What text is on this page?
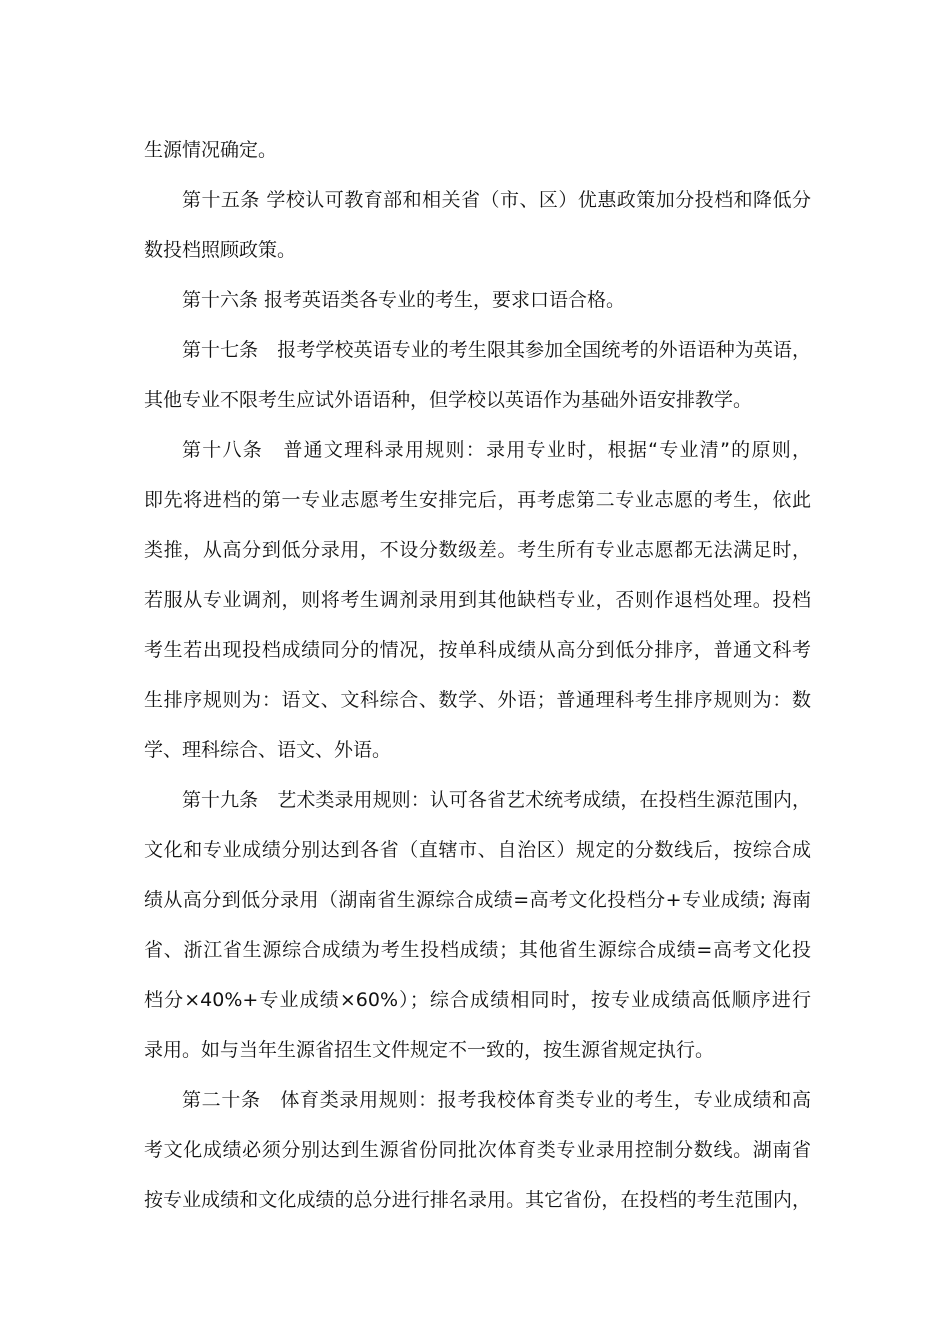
生源情况确定。
第十五条 学校认可教育部和相关省（市、区）优惠政策加分投档和降低分
数投档照顾政策。
第十六条 报考英语类各专业的考生，要求口语合格。
第十七条　报考学校英语专业的考生限其参加全国统考的外语语种为英语，
其他专业不限考生应试外语语种，但学校以英语作为基础外语安排教学。
第十八条　普通文理科录用规则：录用专业时，根据“专业清”的原则，
即先将进档的第一专业志愿考生安排完后，再考虑第二专业志愿的考生，依此
类推，从高分到低分录用，不设分数级差。考生所有专业志愿都无法满足时，
若服从专业调剂，则将考生调剂录用到其他缺档专业，否则作退档处理。投档
考生若出现投档成绩同分的情况，按单科成绩从高分到低分排序，普通文科考
生排序规则为：语文、文科综合、数学、外语；普通理科考生排序规则为：数
学、理科综合、语文、外语。
第十九条　艺术类录用规则：认可各省艺术统考成绩，在投档生源范围内，
文化和专业成绩分别达到各省（直辖市、自治区）规定的分数线后，按综合成
绩从高分到低分录用（湖南省生源综合成绩=高考文化投档分+专业成绩; 海南
省、浙江省生源综合成绩为考生投档成绩；其他省生源综合成绩=高考文化投
档分×40%+专业成绩×60%）；综合成绩相同时，按专业成绩高低顺序进行
录用。如与当年生源省招生文件规定不一致的，按生源省规定执行。
第二十条　体育类录用规则：报考我校体育类专业的考生，专业成绩和高
考文化成绩必须分别达到生源省份同批次体育类专业录用控制分数线。湖南省
按专业成绩和文化成绩的总分进行排名录用。其它省份，在投档的考生范围内，
